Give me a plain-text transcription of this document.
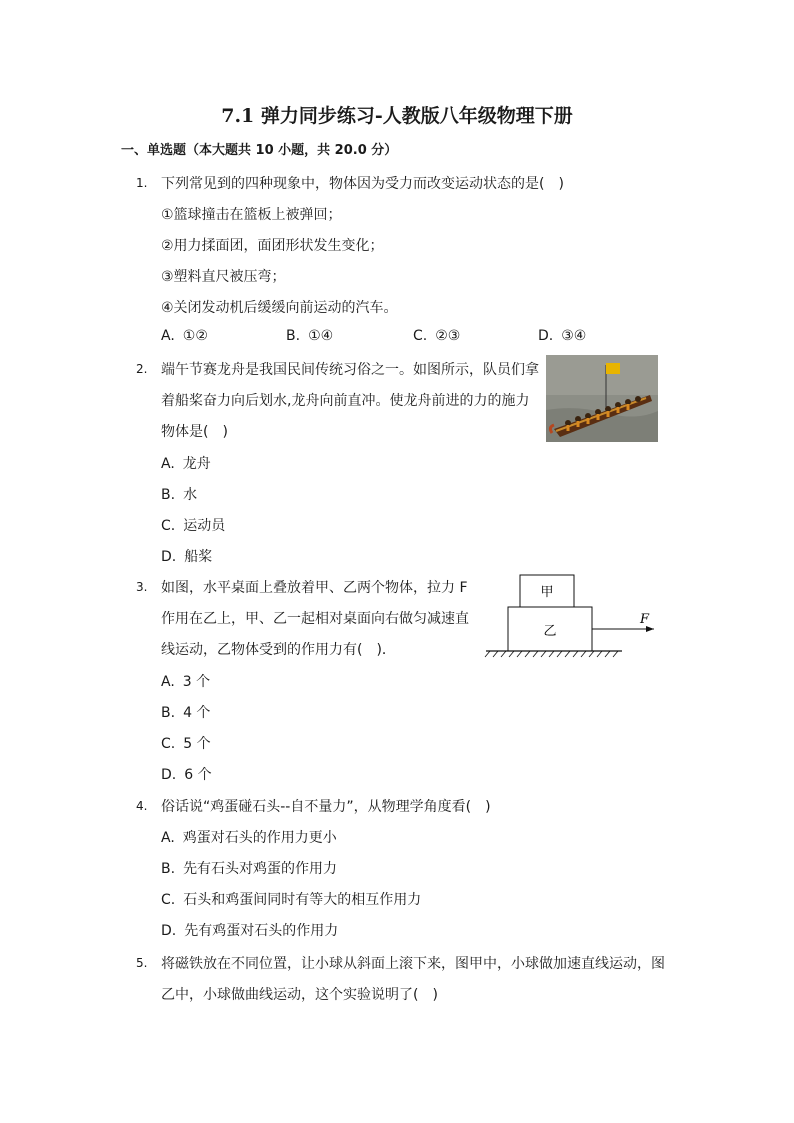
7.1 弹力同步练习-人教版八年级物理下册
一、单选题（本大题共 10 小题，共 20.0 分）
1. 下列常见到的四种现象中，物体因为受力而改变运动状态的是(　)
①篮球撞击在篮板上被弹回；
②用力揉面团，面团形状发生变化；
③塑料直尺被压弯；
④关闭发动机后缓缓向前运动的汽车。
A. ①②	B. ①④	C. ②③	D. ③④
2. 端午节赛龙舟是我国民间传统习俗之一。如图所示，队员们拿
着船桨奋力向后划水,龙舟向前直冲。使龙舟前进的力的施力
物体是(　)
A. 龙舟
B. 水
C. 运动员
D. 船桨
3. 如图，水平桌面上叠放着甲、乙两个物体，拉力 F
作用在乙上，甲、乙一起相对桌面向右做匀减速直
线运动，乙物体受到的作用力有(　)．
A. 3 个
B. 4 个
C. 5 个
D. 6 个
甲
乙
F
4. 俗话说“鸡蛋碰石头--自不量力”，从物理学角度看(　)
A. 鸡蛋对石头的作用力更小
B. 先有石头对鸡蛋的作用力
C. 石头和鸡蛋间同时有等大的相互作用力
D. 先有鸡蛋对石头的作用力
5. 将磁铁放在不同位置，让小球从斜面上滚下来，图甲中，小球做加速直线运动，图
乙中，小球做曲线运动，这个实验说明了(　)
